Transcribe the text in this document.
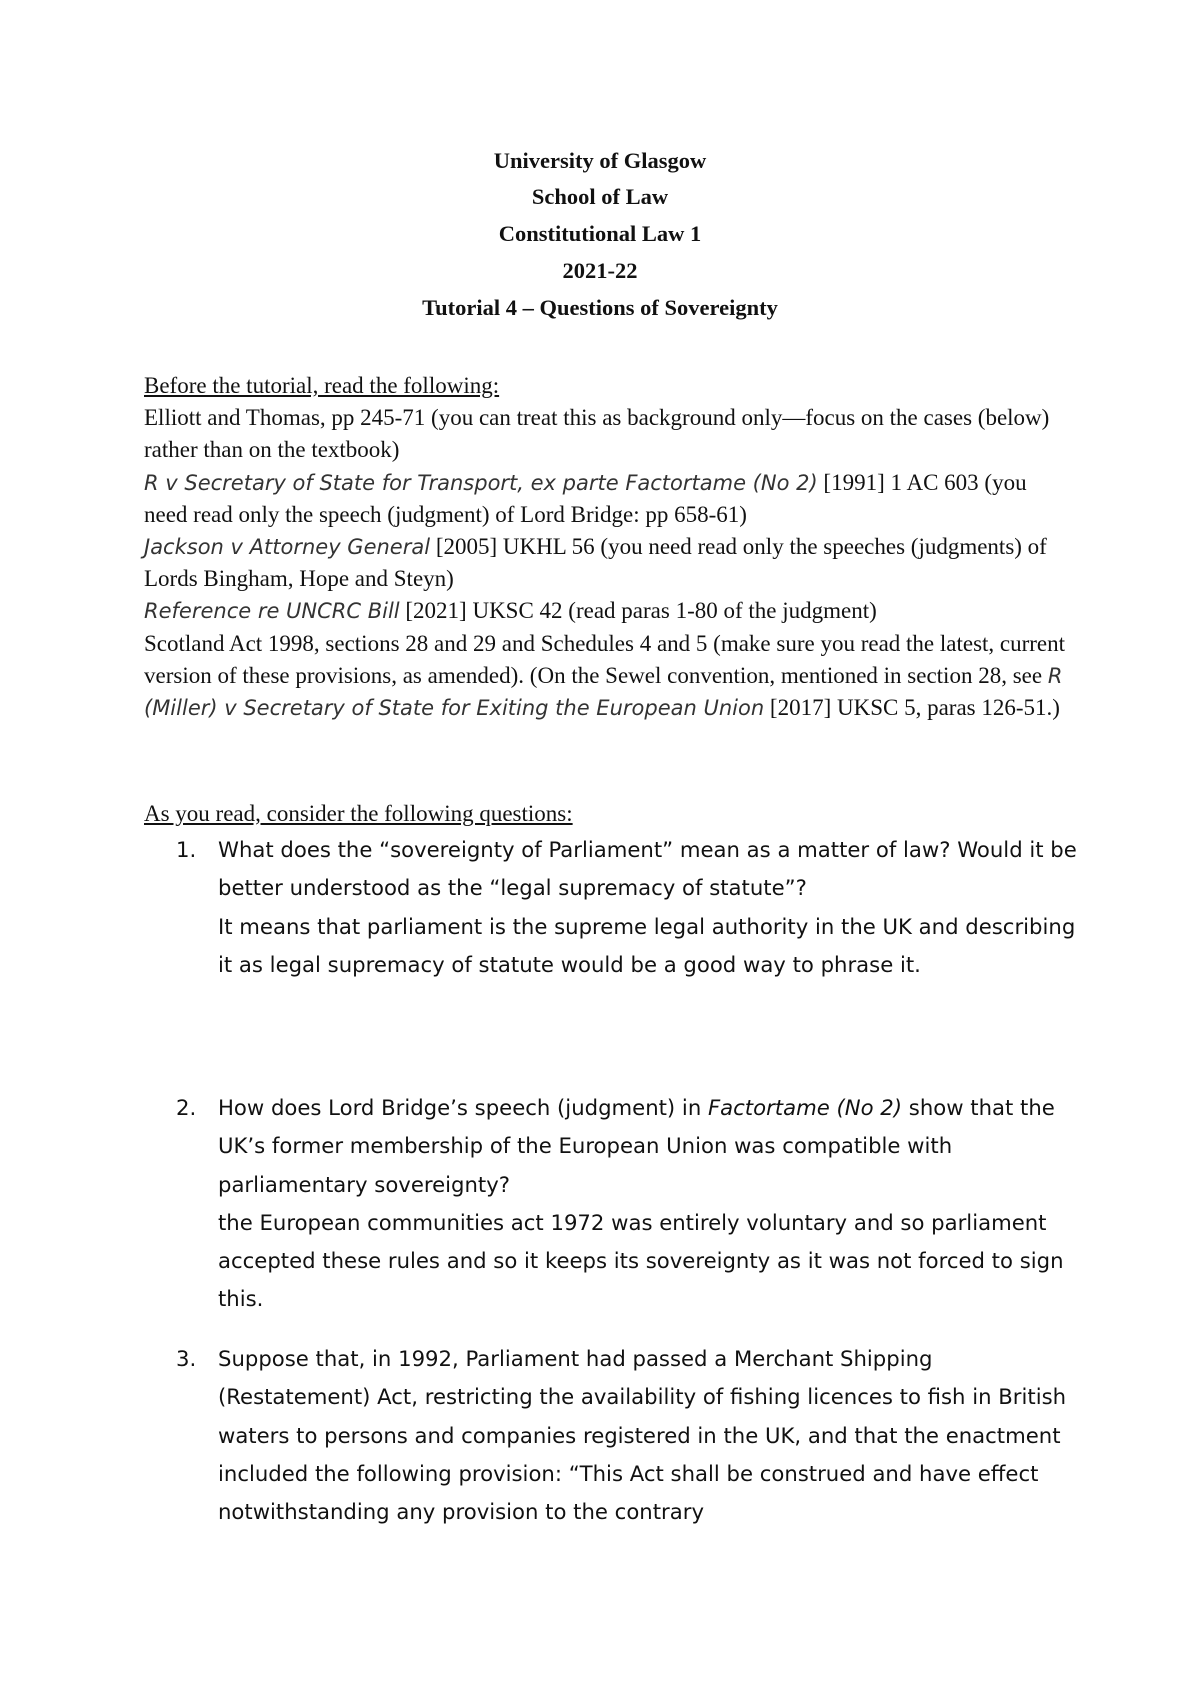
University of Glasgow
School of Law
Constitutional Law 1
2021-22
Tutorial 4 – Questions of Sovereignty

Before the tutorial, read the following:

Elliott and Thomas, pp 245-71 (you can treat this as background only—focus on the cases (below) rather than on the textbook)

R v Secretary of State for Transport, ex parte Factortame (No 2) [1991] 1 AC 603 (you need read only the speech (judgment) of Lord Bridge: pp 658-61)

Jackson v Attorney General [2005] UKHL 56 (you need read only the speeches (judgments) of Lords Bingham, Hope and Steyn)

Reference re UNCRC Bill [2021] UKSC 42 (read paras 1-80 of the judgment)

Scotland Act 1998, sections 28 and 29 and Schedules 4 and 5 (make sure you read the latest, current version of these provisions, as amended). (On the Sewel convention, mentioned in section 28, see R (Miller) v Secretary of State for Exiting the European Union [2017] UKSC 5, paras 126-51.)

As you read, consider the following questions:
1. What does the “sovereignty of Parliament” mean as a matter of law? Would it be better understood as the “legal supremacy of statute”?

It means that parliament is the supreme legal authority in the UK and describing it as legal supremacy of statute would be a good way to phrase it.

2. How does Lord Bridge’s speech (judgment) in Factortame (No 2) show that the UK’s former membership of the European Union was compatible with parliamentary sovereignty?

the European communities act 1972 was entirely voluntary and so parliament accepted these rules and so it keeps its sovereignty as it was not forced to sign this.

3. Suppose that, in 1992, Parliament had passed a Merchant Shipping (Restatement) Act, restricting the availability of fishing licences to fish in British waters to persons and companies registered in the UK, and that the enactment included the following provision: “This Act shall be construed and have effect notwithstanding any provision to the contrary
